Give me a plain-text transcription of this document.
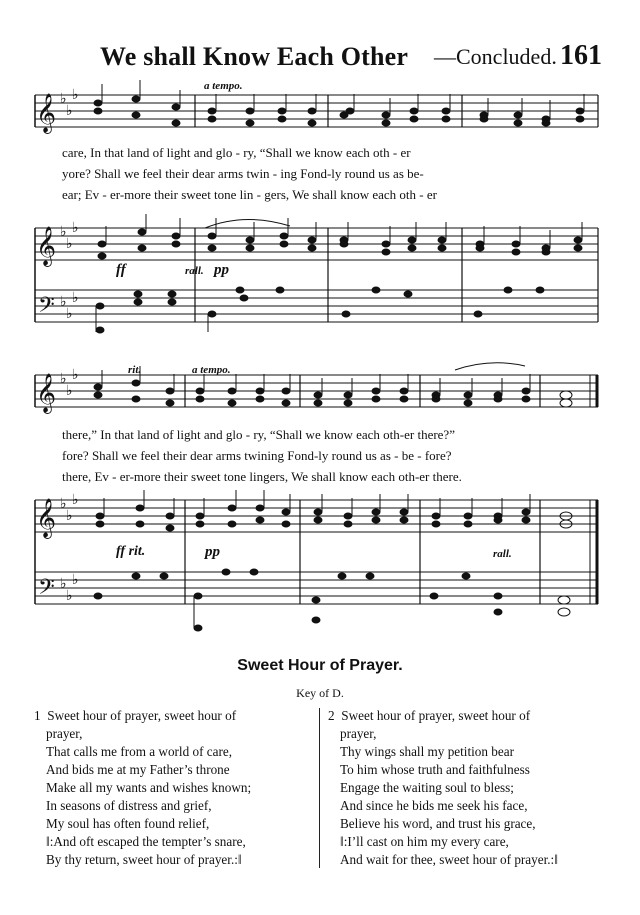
We shall Know Each Other —Concluded. 161
𝄞
𝄞
𝄢
𝄞
𝄞
𝄢
♭
♭
♭
♭
♭
♭
♭
♭
♭
♭
♭
♭
♭
♭
♭
♭
♭
♭
a tempo.
ff	rall. pp
rit.	a tempo.
ff rit.	pp	rall.
care, In that land of light and glo - ry, “Shall we know each oth - er
yore? Shall we feel their dear arms twin - ing Fond-ly round us as be-
ear; Ev - er-more their sweet tone lin - gers, We shall know each oth - er
there,” In that land of light and glo - ry, “Shall we know each oth-er there?”
fore? Shall we feel their dear arms twining Fond-ly round us as - be - fore?
there, Ev - er-more their sweet tone lingers, We shall know each oth-er there.
Sweet Hour of Prayer.
Key of D.
1 Sweet hour of prayer, sweet hour of
prayer,
That calls me from a world of care,
And bids me at my Father’s throne
Make all my wants and wishes known;
In seasons of distress and grief,
My soul has often found relief,
‖:And oft escaped the tempter’s snare,
By thy return, sweet hour of prayer.:‖
2 Sweet hour of prayer, sweet hour of
prayer,
Thy wings shall my petition bear
To him whose truth and faithfulness
Engage the waiting soul to bless;
And since he bids me seek his face,
Believe his word, and trust his grace,
‖:I’ll cast on him my every care,
And wait for thee, sweet hour of prayer.:‖
